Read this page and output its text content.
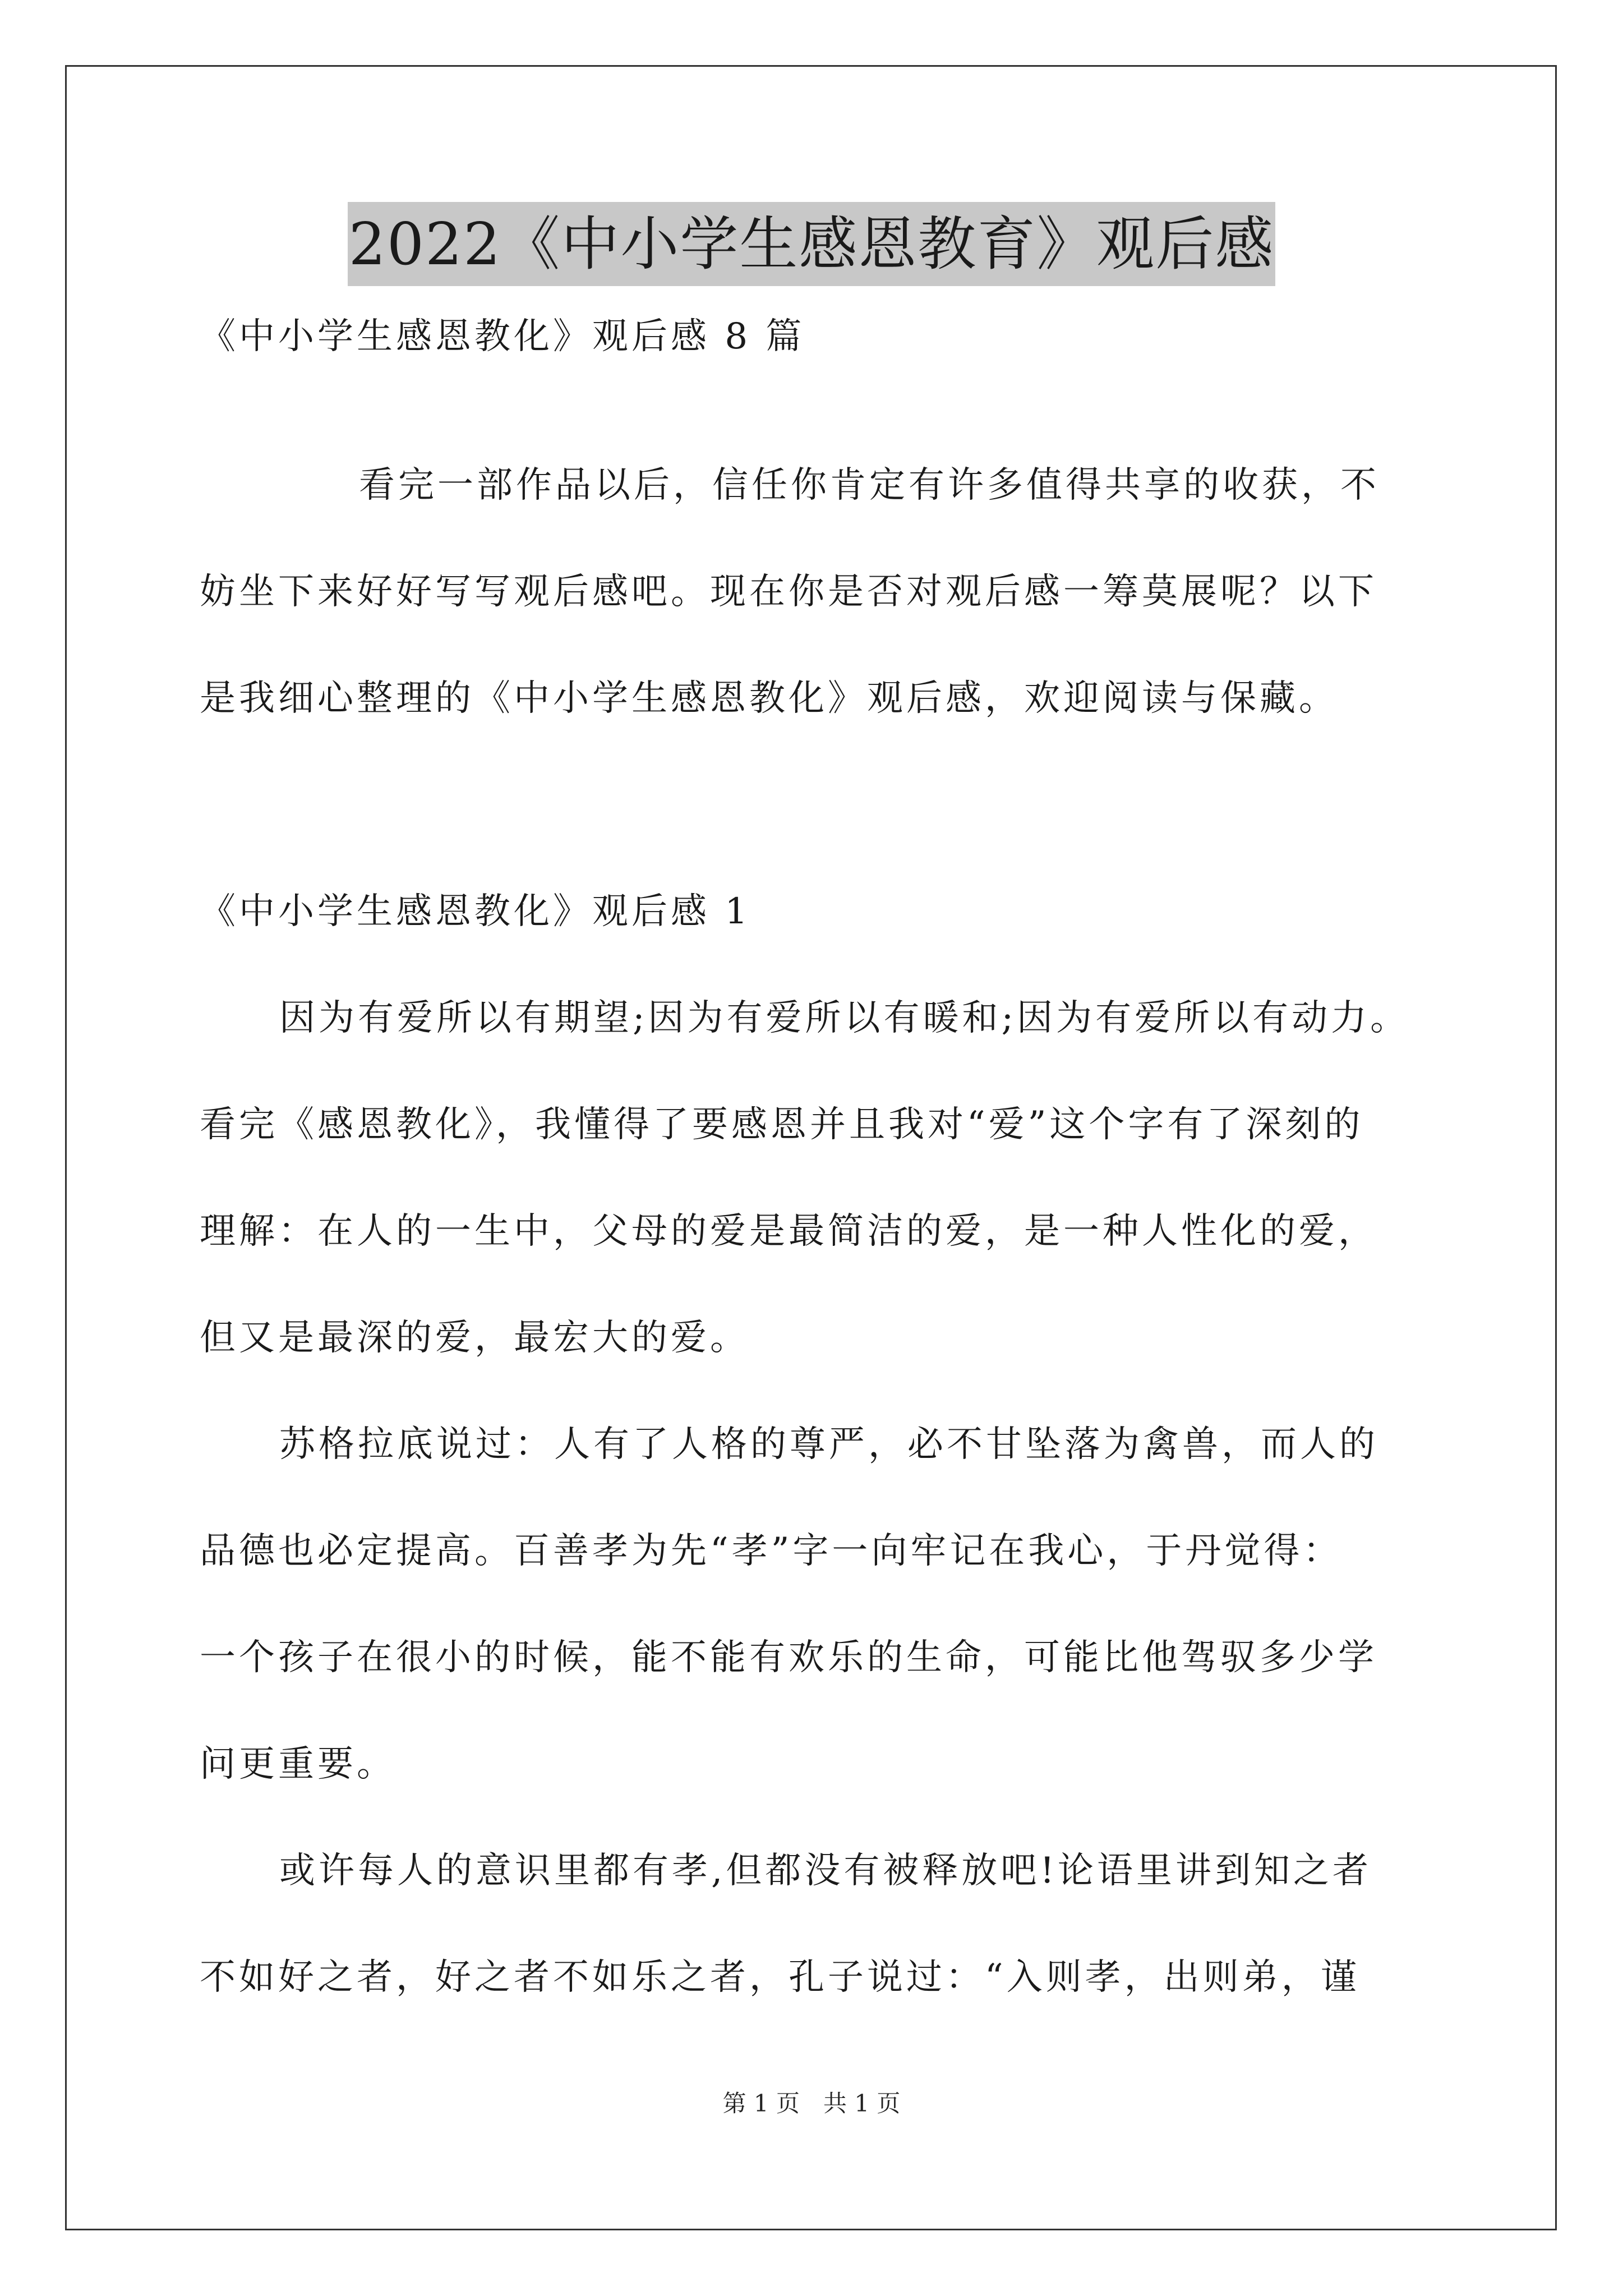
2022《中小学生感恩教育》观后感

《中小学生感恩教化》观后感 8 篇

看完一部作品以后，信任你肯定有许多值得共享的收获，不

妨坐下来好好写写观后感吧。现在你是否对观后感一筹莫展呢？以下

是我细心整理的《中小学生感恩教化》观后感，欢迎阅读与保藏。

《中小学生感恩教化》观后感 1

因为有爱所以有期望;因为有爱所以有暖和;因为有爱所以有动力。

看完《感恩教化》，我懂得了要感恩并且我对“爱”这个字有了深刻的

理解：在人的一生中，父母的爱是最简洁的爱，是一种人性化的爱，

但又是最深的爱，最宏大的爱。

苏格拉底说过：人有了人格的尊严，必不甘坠落为禽兽，而人的

品德也必定提高。百善孝为先“孝”字一向牢记在我心，于丹觉得：

一个孩子在很小的时候，能不能有欢乐的生命，可能比他驾驭多少学

问更重要。

或许每人的意识里都有孝,但都没有被释放吧!论语里讲到知之者

不如好之者，好之者不如乐之者，孔子说过：“入则孝，出则弟，谨

第 1 页　共 1 页
